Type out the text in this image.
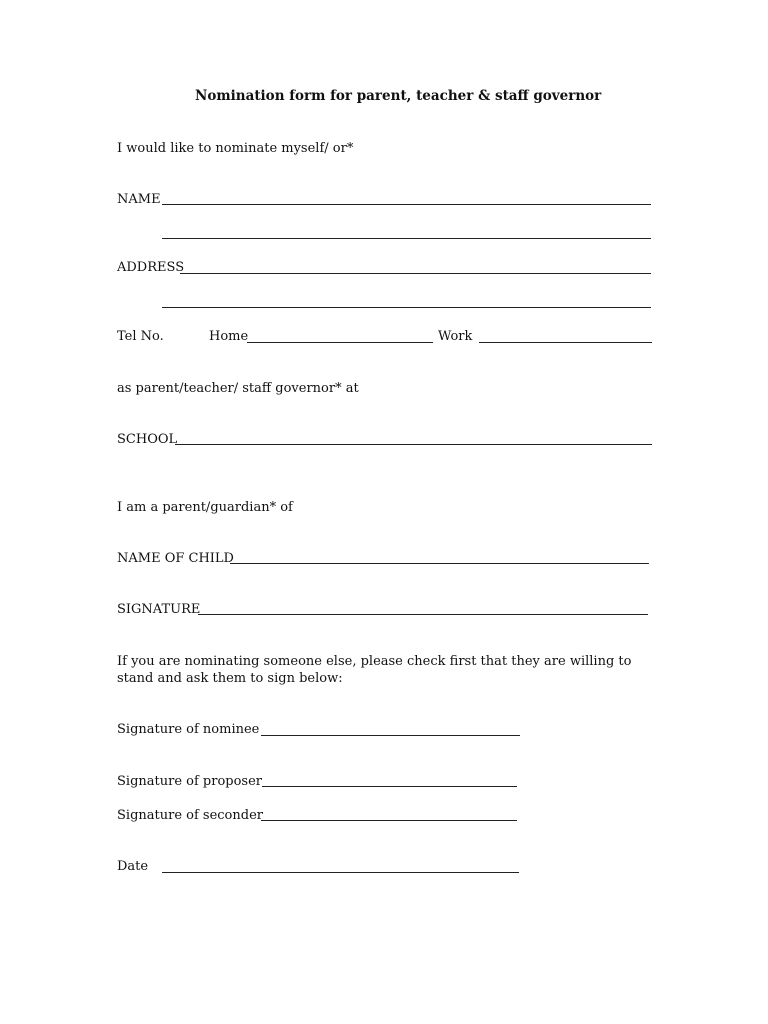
Nomination form for parent, teacher & staff governor
I would like to nominate myself/ or*
NAME
ADDRESS
Tel No.	Home	Work
as parent/teacher/ staff governor* at
SCHOOL
I am a parent/guardian* of
NAME OF CHILD
SIGNATURE
If you are nominating someone else, please check first that they are willing to
stand and ask them to sign below:
Signature of nominee
Signature of proposer
Signature of seconder
Date
